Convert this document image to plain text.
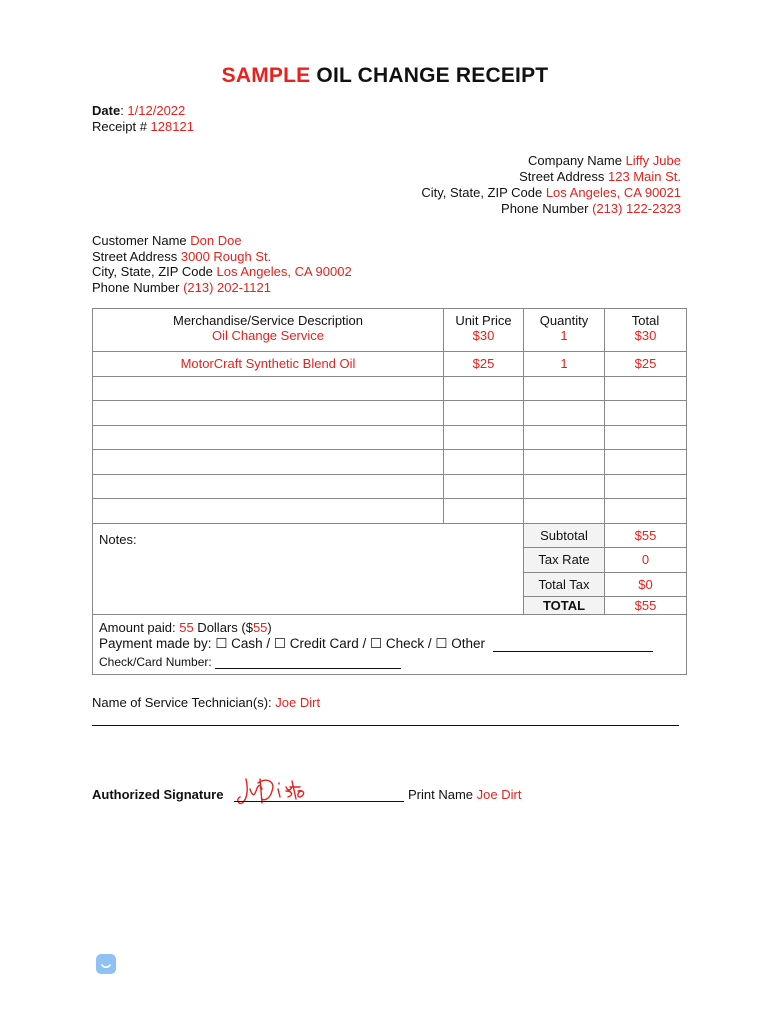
SAMPLE OIL CHANGE RECEIPT
Date: 1/12/2022
Receipt # 128121
Company Name Liffy Jube
Street Address 123 Main St.
City, State, ZIP Code Los Angeles, CA 90021
Phone Number (213) 122-2323
Customer Name Don Doe
Street Address 3000 Rough St.
City, State, ZIP Code Los Angeles, CA 90002
Phone Number (213) 202-1121
Merchandise/Service Description	Unit Price	Quantity	Total
Oil Change Service	$30	1	$30
MotorCraft Synthetic Blend Oil	$25	1	$25

Notes:		Subtotal	$55
		Tax Rate	0
		Total Tax	$0
		TOTAL	$55
Amount paid: 55 Dollars ($55)
Payment made by: ☐ Cash / ☐ Credit Card / ☐ Check / ☐ Other
Check/Card Number:
Name of Service Technician(s): Joe Dirt
Authorized Signature	Print Name Joe Dirt
